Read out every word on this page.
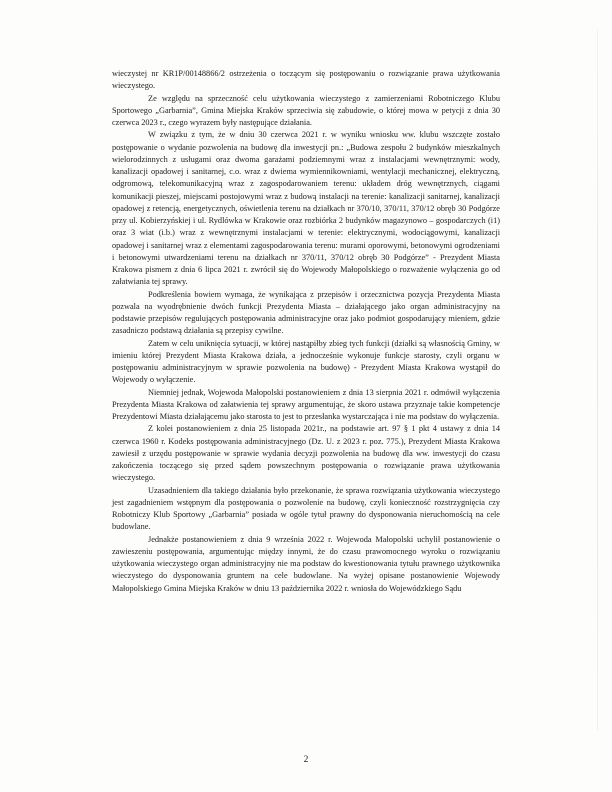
wieczystej nr KR1P/00148866/2 ostrzeżenia o toczącym się postępowaniu o rozwiązanie prawa użytkowania wieczystego.

Ze względu na sprzeczność celu użytkowania wieczystego z zamierzeniami Robotniczego Klubu Sportowego „Garbarnia”, Gmina Miejska Kraków sprzeciwia się zabudowie, o której mowa w petycji z dnia 30 czerwca 2023 r., czego wyrazem były następujące działania.

W związku z tym, że w dniu 30 czerwca 2021 r. w wyniku wniosku ww. klubu wszczęte zostało postępowanie o wydanie pozwolenia na budowę dla inwestycji pn.: „Budowa zespołu 2 budynków mieszkalnych wielorodzinnych z usługami oraz dwoma garażami podziemnymi wraz z instalacjami wewnętrznymi: wody, kanalizacji opadowej i sanitarnej, c.o. wraz z dwiema wymiennikowniami, wentylacji mechanicznej, elektryczną, odgromową, telekomunikacyjną wraz z zagospodarowaniem terenu: układem dróg wewnętrznych, ciągami komunikacji pieszej, miejscami postojowymi wraz z budową instalacji na terenie: kanalizacji sanitarnej, kanalizacji opadowej z retencją, energetycznych, oświetlenia terenu na działkach nr 370/10, 370/11, 370/12 obręb 30 Podgórze przy ul. Kobierzyńskiej i ul. Rydlówka w Krakowie oraz rozbiórka 2 budynków magazynowo – gospodarczych (i1) oraz 3 wiat (i.b.) wraz z wewnętrznymi instalacjami w terenie: elektrycznymi, wodociągowymi, kanalizacji opadowej i sanitarnej wraz z elementami zagospodarowania terenu: murami oporowymi, betonowymi ogrodzeniami i betonowymi utwardzeniami terenu na działkach nr 370/11, 370/12 obręb 30 Podgórze” - Prezydent Miasta Krakowa pismem z dnia 6 lipca 2021 r. zwrócił się do Wojewody Małopolskiego o rozważenie wyłączenia go od załatwiania tej sprawy.

Podkreślenia bowiem wymaga, że wynikająca z przepisów i orzecznictwa pozycja Prezydenta Miasta pozwala na wyodrębnienie dwóch funkcji Prezydenta Miasta – działającego jako organ administracyjny na podstawie przepisów regulujących postępowania administracyjne oraz jako podmiot gospodarujący mieniem, gdzie zasadniczo podstawą działania są przepisy cywilne.

Zatem w celu uniknięcia sytuacji, w której nastąpiłby zbieg tych funkcji (działki są własnością Gminy, w imieniu której Prezydent Miasta Krakowa działa, a jednocześnie wykonuje funkcje starosty, czyli organu w postępowaniu administracyjnym w sprawie pozwolenia na budowę) - Prezydent Miasta Krakowa wystąpił do Wojewody o wyłączenie.

Niemniej jednak, Wojewoda Małopolski postanowieniem z dnia 13 sierpnia 2021 r. odmówił wyłączenia Prezydenta Miasta Krakowa od załatwienia tej sprawy argumentując, że skoro ustawa przyznaje takie kompetencje Prezydentowi Miasta działającemu jako starosta to jest to przesłanka wystarczająca i nie ma podstaw do wyłączenia.

Z kolei postanowieniem z dnia 25 listopada 2021r., na podstawie art. 97 § 1 pkt 4 ustawy z dnia 14 czerwca 1960 r. Kodeks postępowania administracyjnego (Dz. U. z 2023 r. poz. 775.), Prezydent Miasta Krakowa zawiesił z urzędu postępowanie w sprawie wydania decyzji pozwolenia na budowę dla ww. inwestycji do czasu zakończenia toczącego się przed sądem powszechnym postępowania o rozwiązanie prawa użytkowania wieczystego.

Uzasadnieniem dla takiego działania było przekonanie, że sprawa rozwiązania użytkowania wieczystego jest zagadnieniem wstępnym dla postępowania o pozwolenie na budowę, czyli konieczność rozstrzygnięcia czy Robotniczy Klub Sportowy „Garbarnia” posiada w ogóle tytuł prawny do dysponowania nieruchomością na cele budowlane.

Jednakże postanowieniem z dnia 9 września 2022 r. Wojewoda Małopolski uchylił postanowienie o zawieszeniu postępowania, argumentując między innymi, że do czasu prawomocnego wyroku o rozwiązaniu użytkowania wieczystego organ administracyjny nie ma podstaw do kwestionowania tytułu prawnego użytkownika wieczystego do dysponowania gruntem na cele budowlane. Na wyżej opisane postanowienie Wojewody Małopolskiego Gmina Miejska Kraków w dniu 13 października 2022 r. wniosła do Wojewódzkiego Sądu

2
